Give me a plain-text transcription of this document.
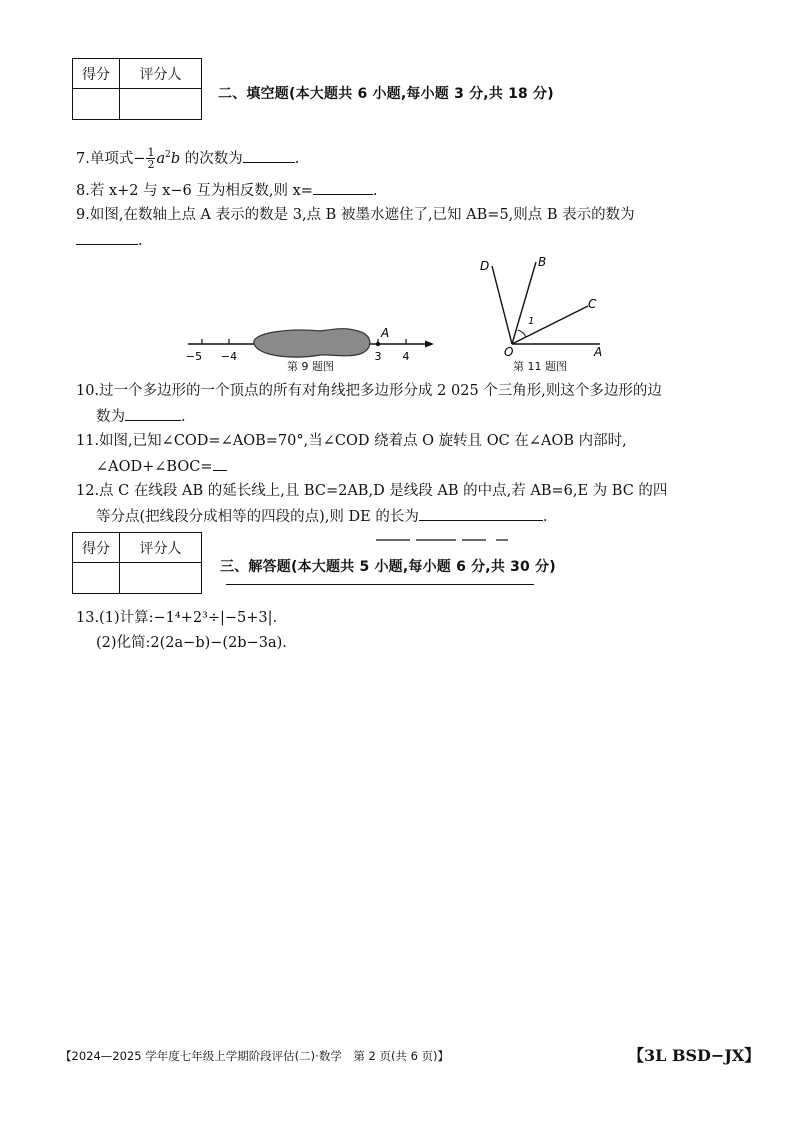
得分	评分人

二、填空题(本大题共 6 小题,每小题 3 分,共 18 分)
7.单项式− $\frac{1}{2} a^2b$ 的次数为	.
8.若 x+2 与 x−6 互为相反数,则 x=	.
9.如图,在数轴上点 A 表示的数是 3,点 B 被墨水遮住了,已知 AB=5,则点 B 表示的数为
.
−5 −4	3 4
A
第 9 题图
D	B
C
O	A
1
第 11 题图
10.过一个多边形的一个顶点的所有对角线把多边形分成 2 025 个三角形,则这个多边形的边
数为	.
11.如图,已知∠COD=∠AOB=70°,当∠COD 绕着点 O 旋转且 OC 在∠AOB 内部时,
∠AOD+∠BOC=
12.点 C 在线段 AB 的延长线上,且 BC=2AB,D 是线段 AB 的中点,若 AB=6,E 为 BC 的四
等分点(把线段分成相等的四段的点),则 DE 的长为	.
得分	评分人

三、解答题(本大题共 5 小题,每小题 6 分,共 30 分)
13.(1)计算:−1⁴+2³÷|−5+3|.
(2)化简:2(2a−b)−(2b−3a).
【2024—2025 学年度七年级上学期阶段评估(二)·数学　第 2 页(共 6 页)】	【3L BSD−JX】
